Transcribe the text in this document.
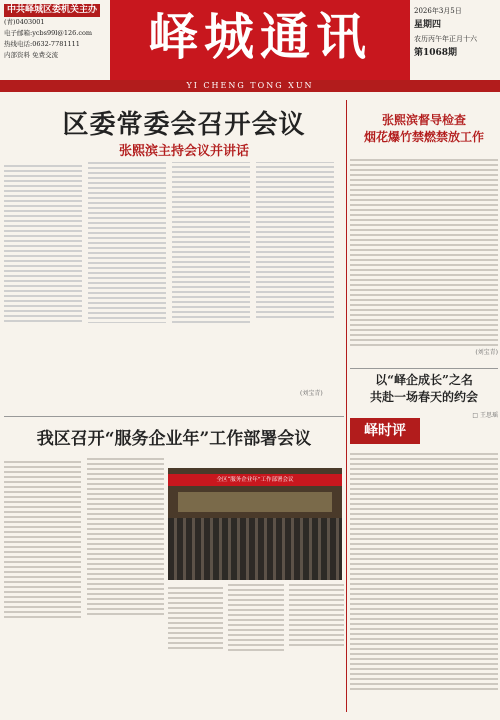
中共峄城区委机关主办
(青)0403001
电子邮箱:ycbs99l@126.com
热线电话:0632-7781111
内部资料 免费交流	峄城通讯	2026年3月5日
星期四
农历丙午年正月十六
第1068期
YI CHENG TONG XUN
区委常委会召开会议
张熙滨主持会议并讲话
(刘宝青)
张熙滨督导检查
烟花爆竹禁燃禁放工作
(刘宝青)
以“峄企成长”之名
共赴一场春天的约会
□ 王思瑶
峄时评
我区召开“服务企业年”工作部署会议
全区“服务企业年”工作部署会议
